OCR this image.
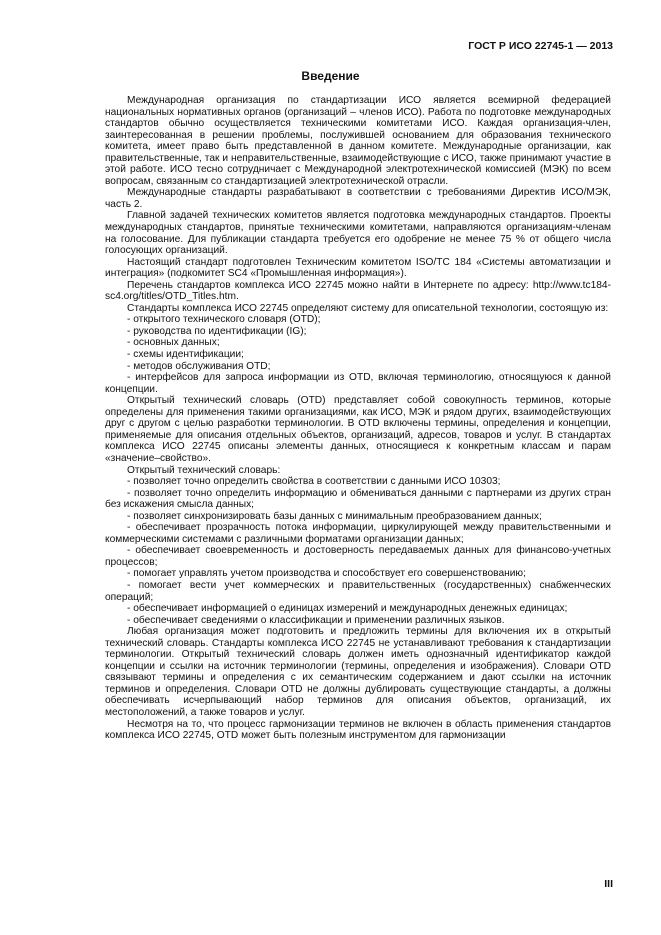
ГОСТ Р ИСО 22745-1 — 2013
Введение

Международная организация по стандартизации ИСО является всемирной федерацией национальных нормативных органов (организаций – членов ИСО). Работа по подготовке международных стандартов обычно осуществляется техническими комитетами ИСО. Каждая организация-член, заинтересованная в решении проблемы, послужившей основанием для образования технического комитета, имеет право быть представленной в данном комитете. Международные организации, как правительственные, так и неправительственные, взаимодействующие с ИСО, также принимают участие в этой работе. ИСО тесно сотрудничает с Международной электротехнической комиссией (МЭК) по всем вопросам, связанным со стандартизацией электротехнической отрасли.

Международные стандарты разрабатывают в соответствии с требованиями Директив ИСО/МЭК, часть 2.

Главной задачей технических комитетов является подготовка международных стандартов. Проекты международных стандартов, принятые техническими комитетами, направляются организациям-членам на голосование. Для публикации стандарта требуется его одобрение не менее 75 % от общего числа голосующих организаций.

Настоящий стандарт подготовлен Техническим комитетом ISO/TC 184 «Системы автоматизации и интеграция» (подкомитет SC4 «Промышленная информация»).

Перечень стандартов комплекса ИСО 22745 можно найти в Интернете по адресу: http://www.tc184-sc4.org/titles/OTD_Titles.htm.

Стандарты комплекса ИСО 22745 определяют систему для описательной технологии, состоящую из:

- открытого технического словаря (OTD);

- руководства по идентификации (IG);

- основных данных;

- схемы идентификации;

- методов обслуживания OTD;

- интерфейсов для запроса информации из OTD, включая терминологию, относящуюся к данной концепции.

Открытый технический словарь (OTD) представляет собой совокупность терминов, которые определены для применения такими организациями, как ИСО, МЭК и рядом других, взаимодействующих друг с другом с целью разработки терминологии. В OTD включены термины, определения и концепции, применяемые для описания отдельных объектов, организаций, адресов, товаров и услуг. В стандартах комплекса ИСО 22745 описаны элементы данных, относящиеся к конкретным классам и парам «значение–свойство».

Открытый технический словарь:

- позволяет точно определить свойства в соответствии с данными ИСО 10303;

- позволяет точно определить информацию и обмениваться данными с партнерами из других стран без искажения смысла данных;

- позволяет синхронизировать базы данных с минимальным преобразованием данных;

- обеспечивает прозрачность потока информации, циркулирующей между правительственными и коммерческими системами с различными форматами организации данных;

- обеспечивает своевременность и достоверность передаваемых данных для финансово-учетных процессов;

- помогает управлять учетом производства и способствует его совершенствованию;

- помогает вести учет коммерческих и правительственных (государственных) снабженческих операций;

- обеспечивает информацией о единицах измерений и международных денежных единицах;

- обеспечивает сведениями о классификации и применении различных языков.

Любая организация может подготовить и предложить термины для включения их в открытый технический словарь. Стандарты комплекса ИСО 22745 не устанавливают требования к стандартизации терминологии. Открытый технический словарь должен иметь однозначный идентификатор каждой концепции и ссылки на источник терминологии (термины, определения и изображения). Словари OTD связывают термины и определения с их семантическим содержанием и дают ссылки на источник терминов и определения. Словари OTD не должны дублировать существующие стандарты, а должны обеспечивать исчерпывающий набор терминов для описания объектов, организаций, их местоположений, а также товаров и услуг.

Несмотря на то, что процесс гармонизации терминов не включен в область применения стандартов комплекса ИСО 22745, OTD может быть полезным инструментом для гармонизации

III
